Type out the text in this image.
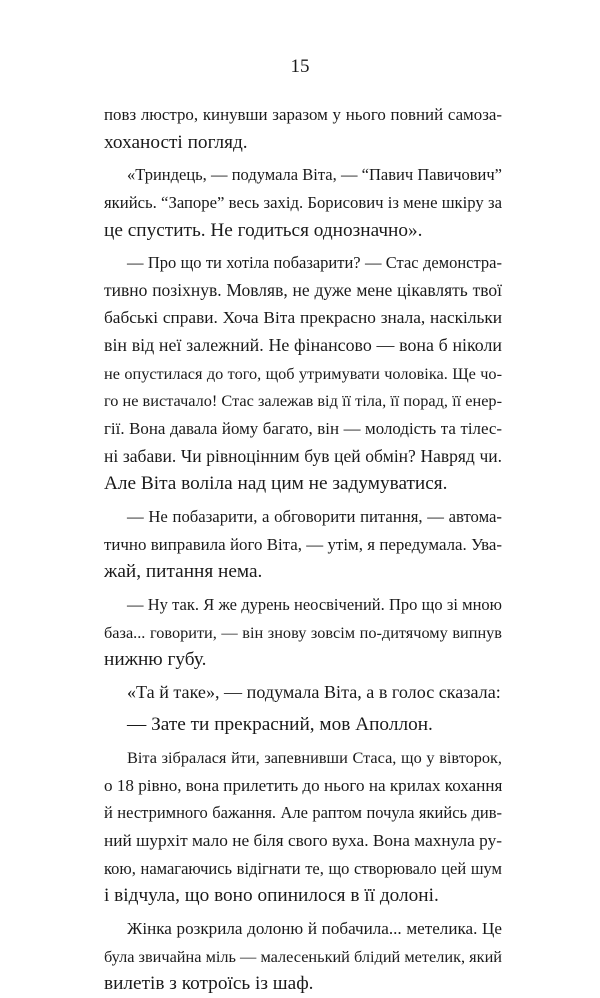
15
повз люстро, кинувши заразом у нього повний самоза-
хоханості погляд.
«Триндець, — подумала Віта, — “Павич Павичович”
якийсь. “Запоре” весь захід. Борисович із мене шкіру за
це спустить. Не годиться однозначно».
— Про що ти хотіла побазарити? — Стас демонстра-
тивно позіхнув. Мовляв, не дуже мене цікавлять твої
бабські справи. Хоча Віта прекрасно знала, наскільки
він від неї залежний. Не фінансово — вона б ніколи
не опустилася до того, щоб утримувати чоловіка. Ще чо-
го не вистачало! Стас залежав від її тіла, її порад, її енер-
гії. Вона давала йому багато, він — молодість та тілес-
ні забави. Чи рівноцінним був цей обмін? Навряд чи.
Але Віта воліла над цим не задумуватися.
— Не побазарити, а обговорити питання, — автома-
тично виправила його Віта, — утім, я передумала. Ува-
жай, питання нема.
— Ну так. Я же дурень неосвічений. Про що зі мною
база... говорити, — він знову зовсім по-дитячому випнув
нижню губу.
«Та й таке», — подумала Віта, а в голос сказала:
— Зате ти прекрасний, мов Аполлон.
Віта зібралася йти, запевнивши Стаса, що у вівторок,
о 18 рівно, вона прилетить до нього на крилах кохання
й нестримного бажання. Але раптом почула якийсь див-
ний шурхіт мало не біля свого вуха. Вона махнула ру-
кою, намагаючись відігнати те, що створювало цей шум
і відчула, що воно опинилося в її долоні.
Жінка розкрила долоню й побачила... метелика. Це
була звичайна міль — малесенький блідий метелик, який
вилетів з котроїсь із шаф.
